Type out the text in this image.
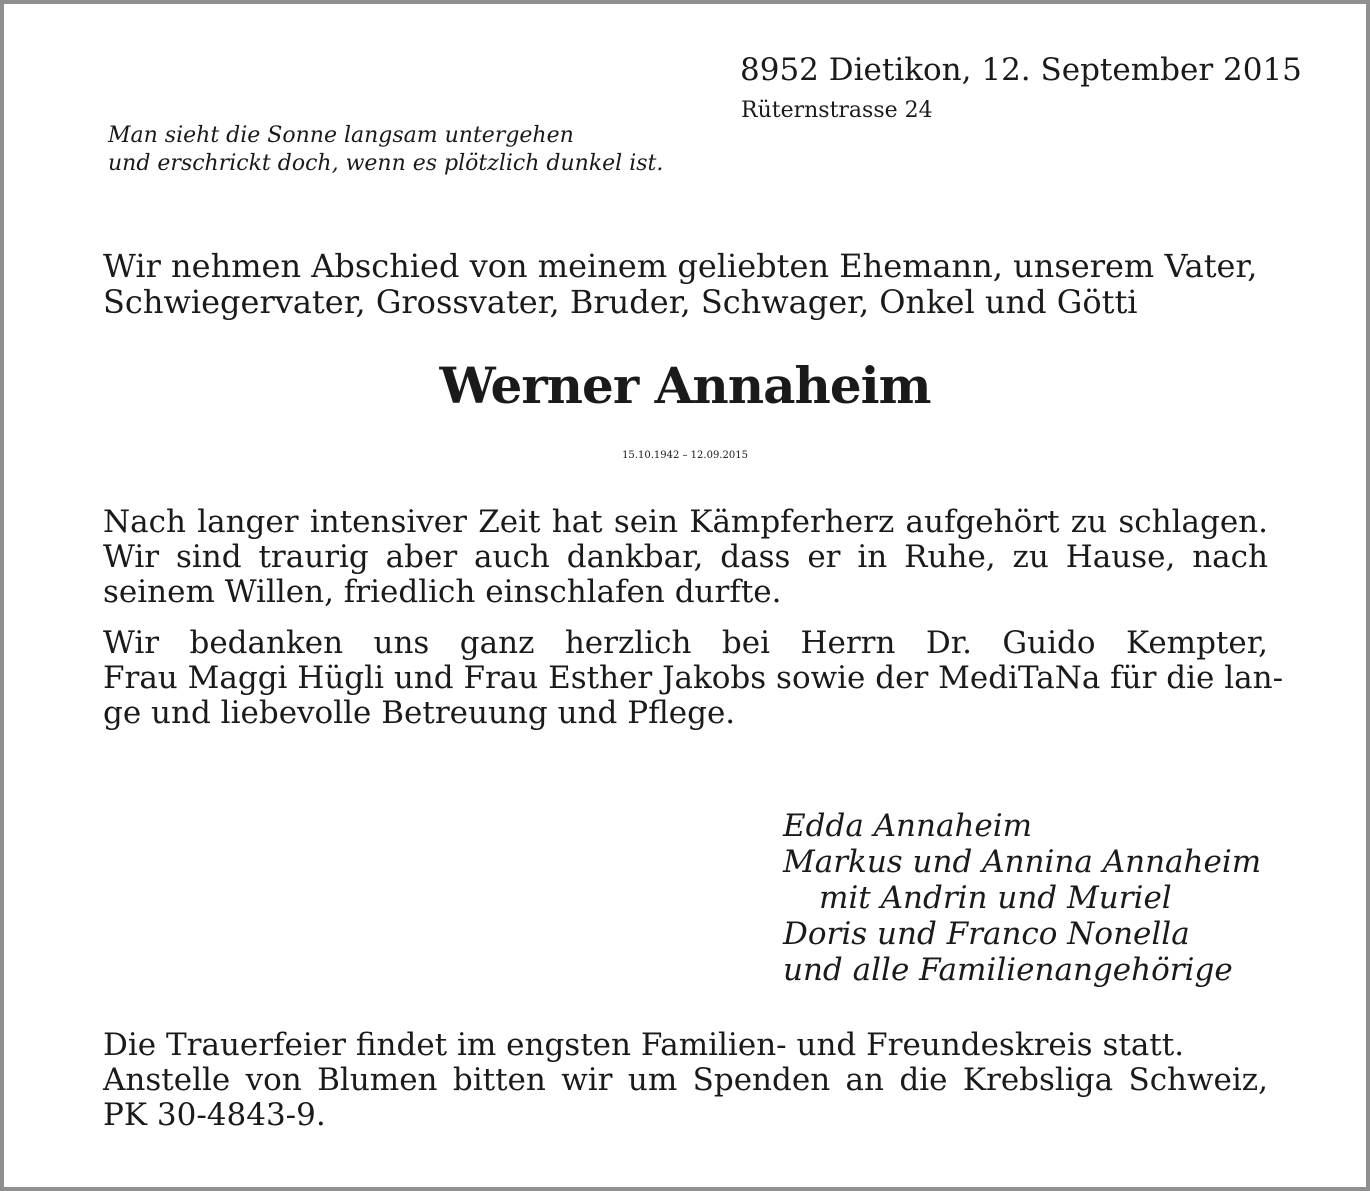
8952 Dietikon, 12. September 2015
Rüternstrasse 24
Man sieht die Sonne langsam untergehen
und erschrickt doch, wenn es plötzlich dunkel ist.
Wir nehmen Abschied von meinem geliebten Ehemann, unserem Vater,
Schwiegervater, Grossvater, Bruder, Schwager, Onkel und Götti
Werner Annaheim
15.10.1942 – 12.09.2015
Nach langer intensiver Zeit hat sein Kämpferherz aufgehört zu schlagen.
Wir sind traurig aber auch dankbar, dass er in Ruhe, zu Hause, nach
seinem Willen, friedlich einschlafen durfte.
Wir bedanken uns ganz herzlich bei Herrn Dr. Guido Kempter,
Frau Maggi Hügli und Frau Esther Jakobs sowie der MediTaNa für die lan-
ge und liebevolle Betreuung und Pflege.
Edda Annaheim
Markus und Annina Annaheim
mit Andrin und Muriel
Doris und Franco Nonella
und alle Familienangehörige
Die Trauerfeier findet im engsten Familien- und Freundeskreis statt.
Anstelle von Blumen bitten wir um Spenden an die Krebsliga Schweiz,
PK 30-4843-9.
